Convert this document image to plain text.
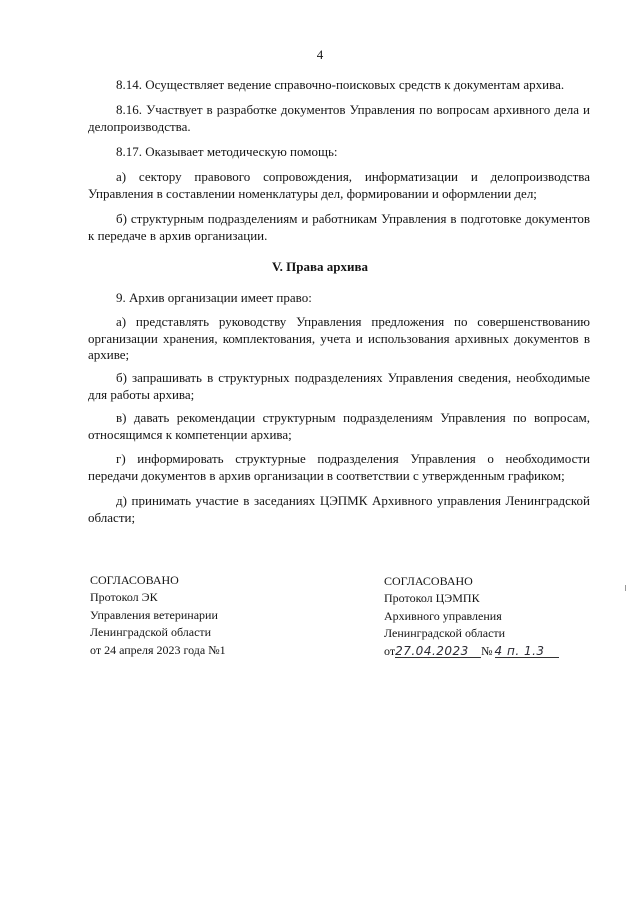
4

8.14. Осуществляет ведение справочно-поисковых средств к документам архива.

8.16. Участвует в разработке документов Управления по вопросам архивного дела и делопроизводства.

8.17. Оказывает методическую помощь:

а) сектору правового сопровождения, информатизации и делопроизводства Управления в составлении номенклатуры дел, формировании и оформлении дел;

б) структурным подразделениям и работникам Управления в подготовке документов к передаче в архив организации.

V. Права архива

9. Архив организации имеет право:

а) представлять руководству Управления предложения по совершенствованию организации хранения, комплектования, учета и использования архивных документов в архиве;

б) запрашивать в структурных подразделениях Управления сведения, необходимые для работы архива;

в) давать рекомендации структурным подразделениям Управления по вопросам, относящимся к компетенции архива;

г) информировать структурные подразделения Управления о необходимости передачи документов в архив организации в соответствии с утвержденным графиком;

д) принимать участие в заседаниях ЦЭПМК Архивного управления Ленинградской области;

СОГЛАСОВАНО
Протокол ЭК
Управления ветеринарии
Ленинградской области
от 24 апреля 2023 года №1
СОГЛАСОВАНО
Протокол ЦЭМПК
Архивного управления
Ленинградской области
от27.04.2023 № 4 п. 1.3
